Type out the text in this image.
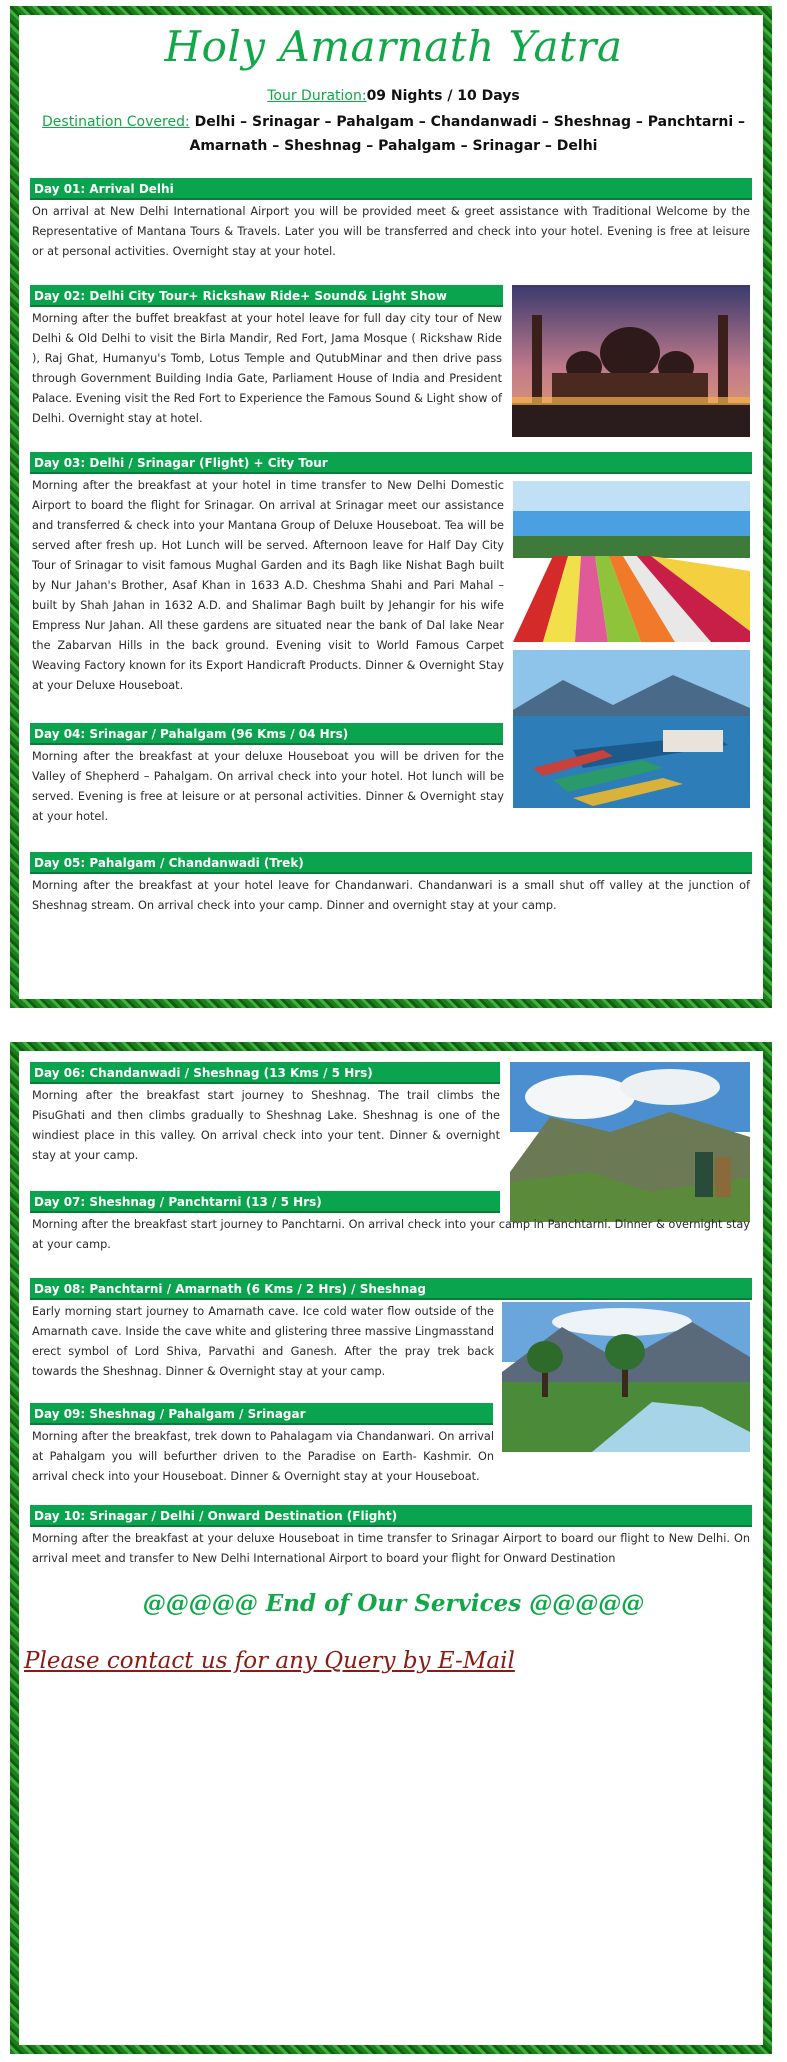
Holy Amarnath Yatra
Tour Duration:09 Nights / 10 Days
Destination Covered: Delhi – Srinagar – Pahalgam – Chandanwadi – Sheshnag – Panchtarni – Amarnath – Sheshnag – Pahalgam – Srinagar – Delhi
Day 01: Arrival Delhi
On arrival at New Delhi International Airport you will be provided meet & greet assistance with Traditional Welcome by the Representative of Mantana Tours & Travels. Later you will be transferred and check into your hotel. Evening is free at leisure or at personal activities. Overnight stay at your hotel.
Day 02: Delhi City Tour+ Rickshaw Ride+ Sound& Light Show
Morning after the buffet breakfast at your hotel leave for full day city tour of New Delhi & Old Delhi to visit the Birla Mandir, Red Fort, Jama Mosque ( Rickshaw Ride ), Raj Ghat, Humanyu's Tomb, Lotus Temple and QutubMinar and then drive pass through Government Building India Gate, Parliament House of India and President Palace. Evening visit the Red Fort to Experience the Famous Sound & Light show of Delhi. Overnight stay at hotel.
Day 03: Delhi / Srinagar (Flight) + City Tour
Morning after the breakfast at your hotel in time transfer to New Delhi Domestic Airport to board the flight for Srinagar. On arrival at Srinagar meet our assistance and transferred & check into your Mantana Group of Deluxe Houseboat. Tea will be served after fresh up. Hot Lunch will be served. Afternoon leave for Half Day City Tour of Srinagar to visit famous Mughal Garden and its Bagh like Nishat Bagh built by Nur Jahan's Brother, Asaf Khan in 1633 A.D. Cheshma Shahi and Pari Mahal – built by Shah Jahan in 1632 A.D. and Shalimar Bagh built by Jehangir for his wife Empress Nur Jahan. All these gardens are situated near the bank of Dal lake Near the Zabarvan Hills in the back ground. Evening visit to World Famous Carpet Weaving Factory known for its Export Handicraft Products. Dinner & Overnight Stay at your Deluxe Houseboat.
Day 04: Srinagar / Pahalgam (96 Kms / 04 Hrs)
Morning after the breakfast at your deluxe Houseboat you will be driven for the Valley of Shepherd – Pahalgam. On arrival check into your hotel. Hot lunch will be served. Evening is free at leisure or at personal activities. Dinner & Overnight stay at your hotel.
Day 05: Pahalgam / Chandanwadi (Trek)
Morning after the breakfast at your hotel leave for Chandanwari. Chandanwari is a small shut off valley at the junction of Sheshnag stream. On arrival check into your camp. Dinner and overnight stay at your camp.
Day 06: Chandanwadi / Sheshnag (13 Kms / 5 Hrs)
Morning after the breakfast start journey to Sheshnag. The trail climbs the PisuGhati and then climbs gradually to Sheshnag Lake. Sheshnag is one of the windiest place in this valley. On arrival check into your tent. Dinner & overnight stay at your camp.
Day 07: Sheshnag / Panchtarni (13 / 5 Hrs)
Morning after the breakfast start journey to Panchtarni. On arrival check into your camp in Panchtarni. Dinner & overnight stay at your camp.
Day 08: Panchtarni / Amarnath (6 Kms / 2 Hrs) / Sheshnag
Early morning start journey to Amarnath cave. Ice cold water flow outside of the Amarnath cave. Inside the cave white and glistering three massive Lingmasstand erect symbol of Lord Shiva, Parvathi and Ganesh. After the pray trek back towards the Sheshnag. Dinner & Overnight stay at your camp.
Day 09: Sheshnag / Pahalgam / Srinagar
Morning after the breakfast, trek down to Pahalagam via Chandanwari. On arrival at Pahalgam you will befurther driven to the Paradise on Earth- Kashmir. On arrival check into your Houseboat. Dinner & Overnight stay at your Houseboat.
Day 10: Srinagar / Delhi / Onward Destination (Flight)
Morning after the breakfast at your deluxe Houseboat in time transfer to Srinagar Airport to board our flight to New Delhi. On arrival meet and transfer to New Delhi International Airport to board your flight for Onward Destination
@@@@@ End of Our Services @@@@@
Please contact us for any Query by E-Mail
